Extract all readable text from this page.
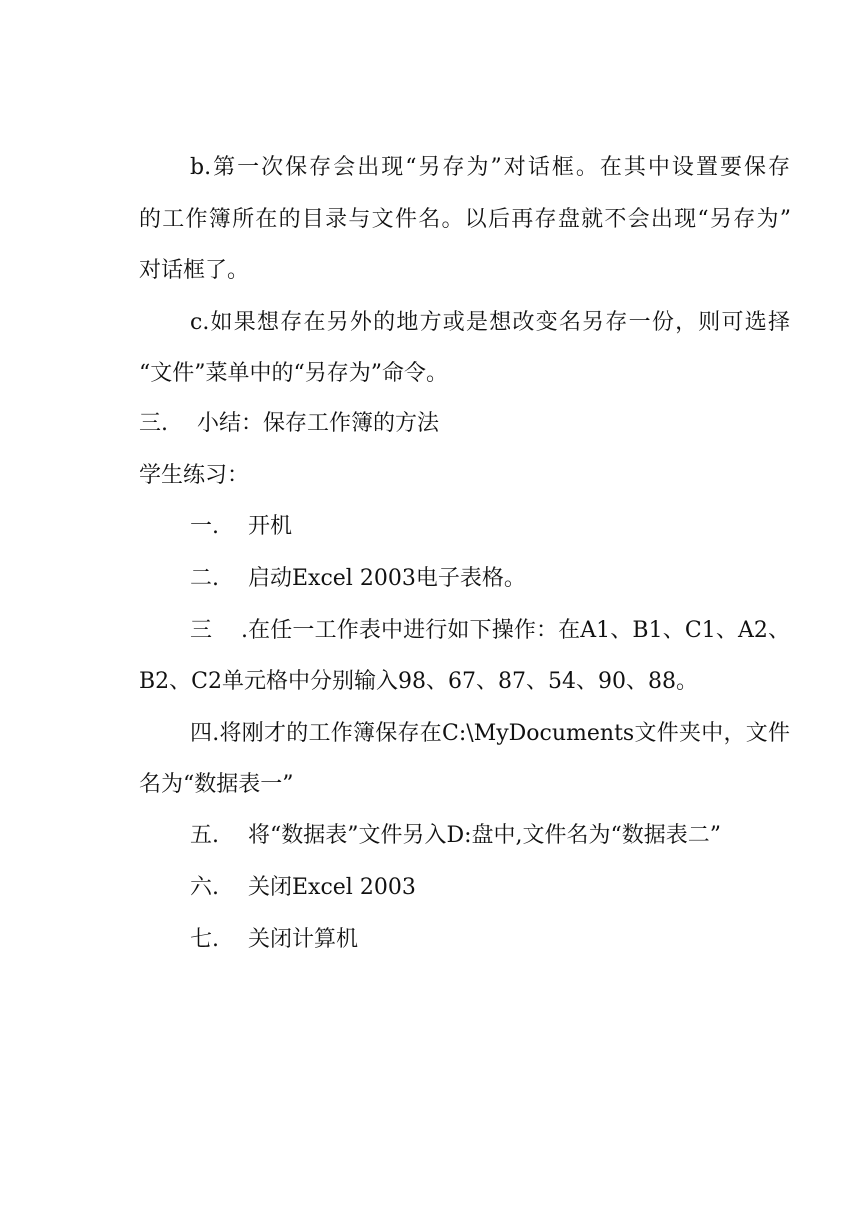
b.第一次保存会出现“另存为”对话框。在其中设置要保存
的工作簿所在的目录与文件名。以后再存盘就不会出现“另存为”
对话框了。
c.如果想存在另外的地方或是想改变名另存一份，则可选择
“文件”菜单中的“另存为”命令。
三. 小结：保存工作簿的方法
学生练习：
一. 开机
二. 启动Excel 2003电子表格。
三.在任一工作表中进行如下操作：在A1、B1、C1、A2、
B2、C2单元格中分别输入98、67、87、54、90、88。
四.将刚才的工作簿保存在C:\MyDocuments文件夹中，文件
名为“数据表一”
五. 将“数据表”文件另入D:盘中,文件名为“数据表二”
六. 关闭Excel 2003
七. 关闭计算机
